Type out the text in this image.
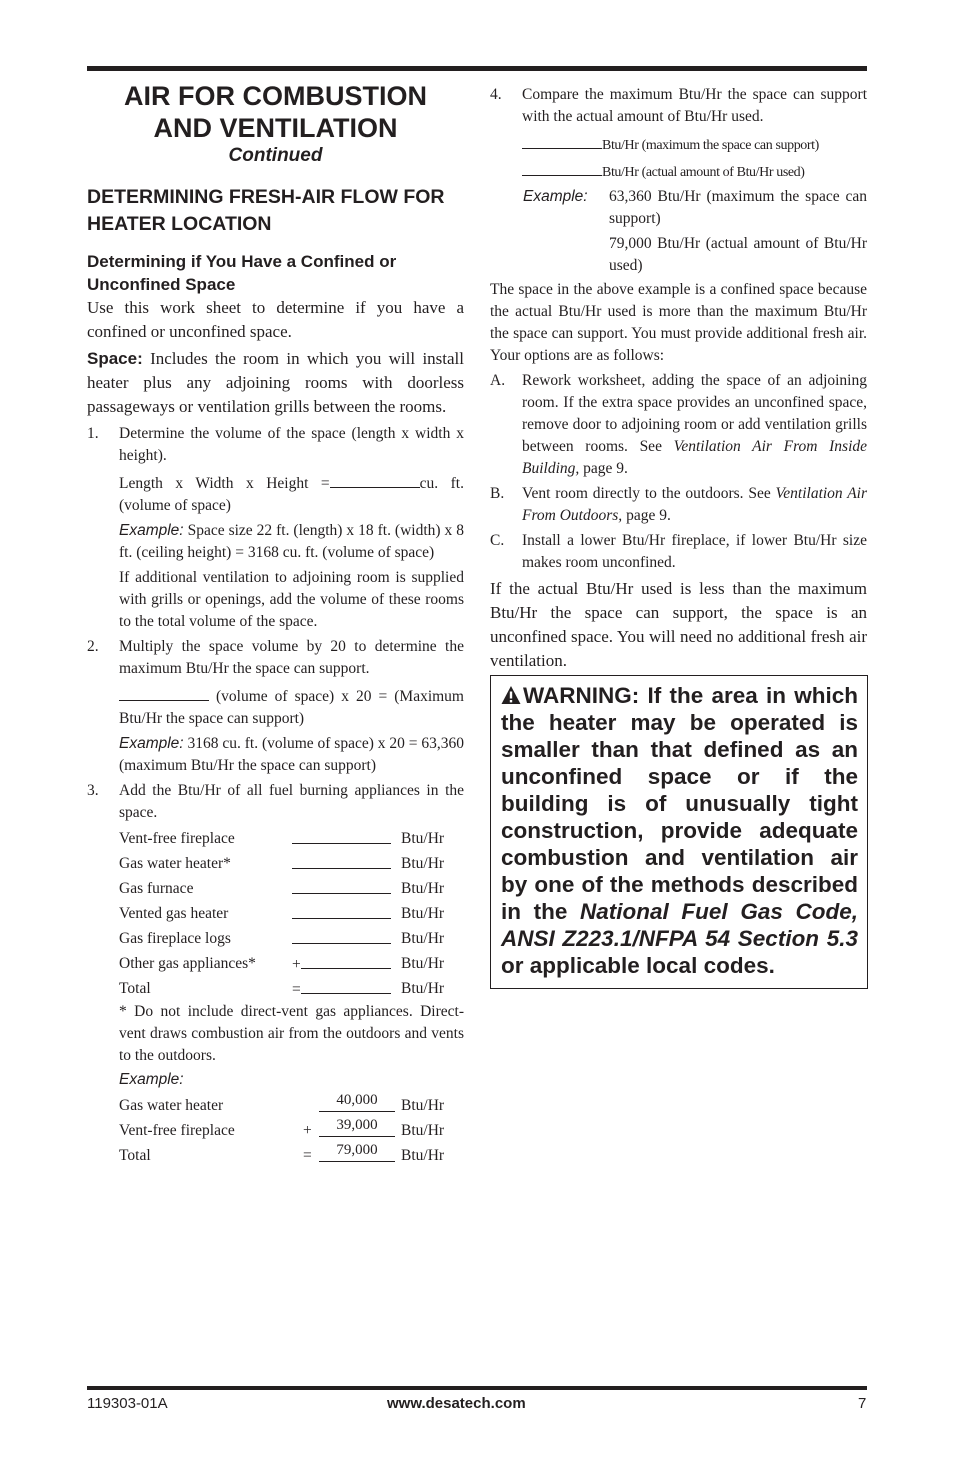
AIR FOR COMBUSTION
AND VENTILATION

Continued

DETERMINING FRESH-AIR FLOW FOR HEATER LOCATION
Determining if You Have a Confined or Unconfined Space

Use this work sheet to determine if you have a confined or unconfined space.

Space: Includes the room in which you will install heater plus any adjoining rooms with doorless passageways or ventilation grills between the rooms.

1. Determine the volume of the space (length x width x height).

Length x Width x Height =	cu. ft. (volume of space)

Example: Space size 22 ft. (length) x 18 ft. (width) x 8 ft. (ceiling height) = 3168 cu. ft. (volume of space)

If additional ventilation to adjoining room is supplied with grills or openings, add the volume of these rooms to the total volume of the space.

2. Multiply the space volume by 20 to determine the maximum Btu/Hr the space can support.

(volume of space) x 20 = (Maximum Btu/Hr the space can support)

Example: 3168 cu. ft. (volume of space) x 20 = 63,360 (maximum Btu/Hr the space can support)

3. Add the Btu/Hr of all fuel burning appliances in the space.
Vent-free fireplace	Btu/Hr
Gas water heater*	Btu/Hr
Gas furnace	Btu/Hr
Vented gas heater	Btu/Hr
Gas fireplace logs	Btu/Hr
Other gas appliances* +	Btu/Hr
Total	=	Btu/Hr

* Do not include direct-vent gas appliances. Direct-vent draws combustion air from the outdoors and vents to the outdoors.

Example:

Gas water heater	40,000	Btu/Hr
Vent-free fireplace	+	39,000	Btu/Hr
Total	=	79,000	Btu/Hr
4. Compare the maximum Btu/Hr the space can support with the actual amount of Btu/Hr used.

Btu/Hr (maximum the space can support)

Btu/Hr (actual amount of Btu/Hr used)

Example: 63,360 Btu/Hr (maximum the space can support)

79,000 Btu/Hr (actual amount of Btu/Hr used)

The space in the above example is a confined space because the actual Btu/Hr used is more than the maximum Btu/Hr the space can support. You must provide additional fresh air. Your options are as follows:

A. Rework worksheet, adding the space of an adjoining room. If the extra space provides an unconfined space, remove door to adjoining room or add ventilation grills between rooms. See Ventilation Air From Inside Building, page 9.
B. Vent room directly to the outdoors. See Ventilation Air From Outdoors, page 9.
C. Install a lower Btu/Hr fireplace, if lower Btu/Hr size makes room unconfined.

If the actual Btu/Hr used is less than the maximum Btu/Hr the space can support, the space is an unconfined space. You will need no additional fresh air ventilation.

WARNING: If the area in which the heater may be operated is smaller than that defined as an unconfined space or if the building is of unusually tight construction, provide adequate combustion and ventilation air by one of the methods described in the National Fuel Gas Code, ANSI Z223.1/NFPA 54 Section 5.3 or applicable local codes.
119303-01A	www.desatech.com	7
